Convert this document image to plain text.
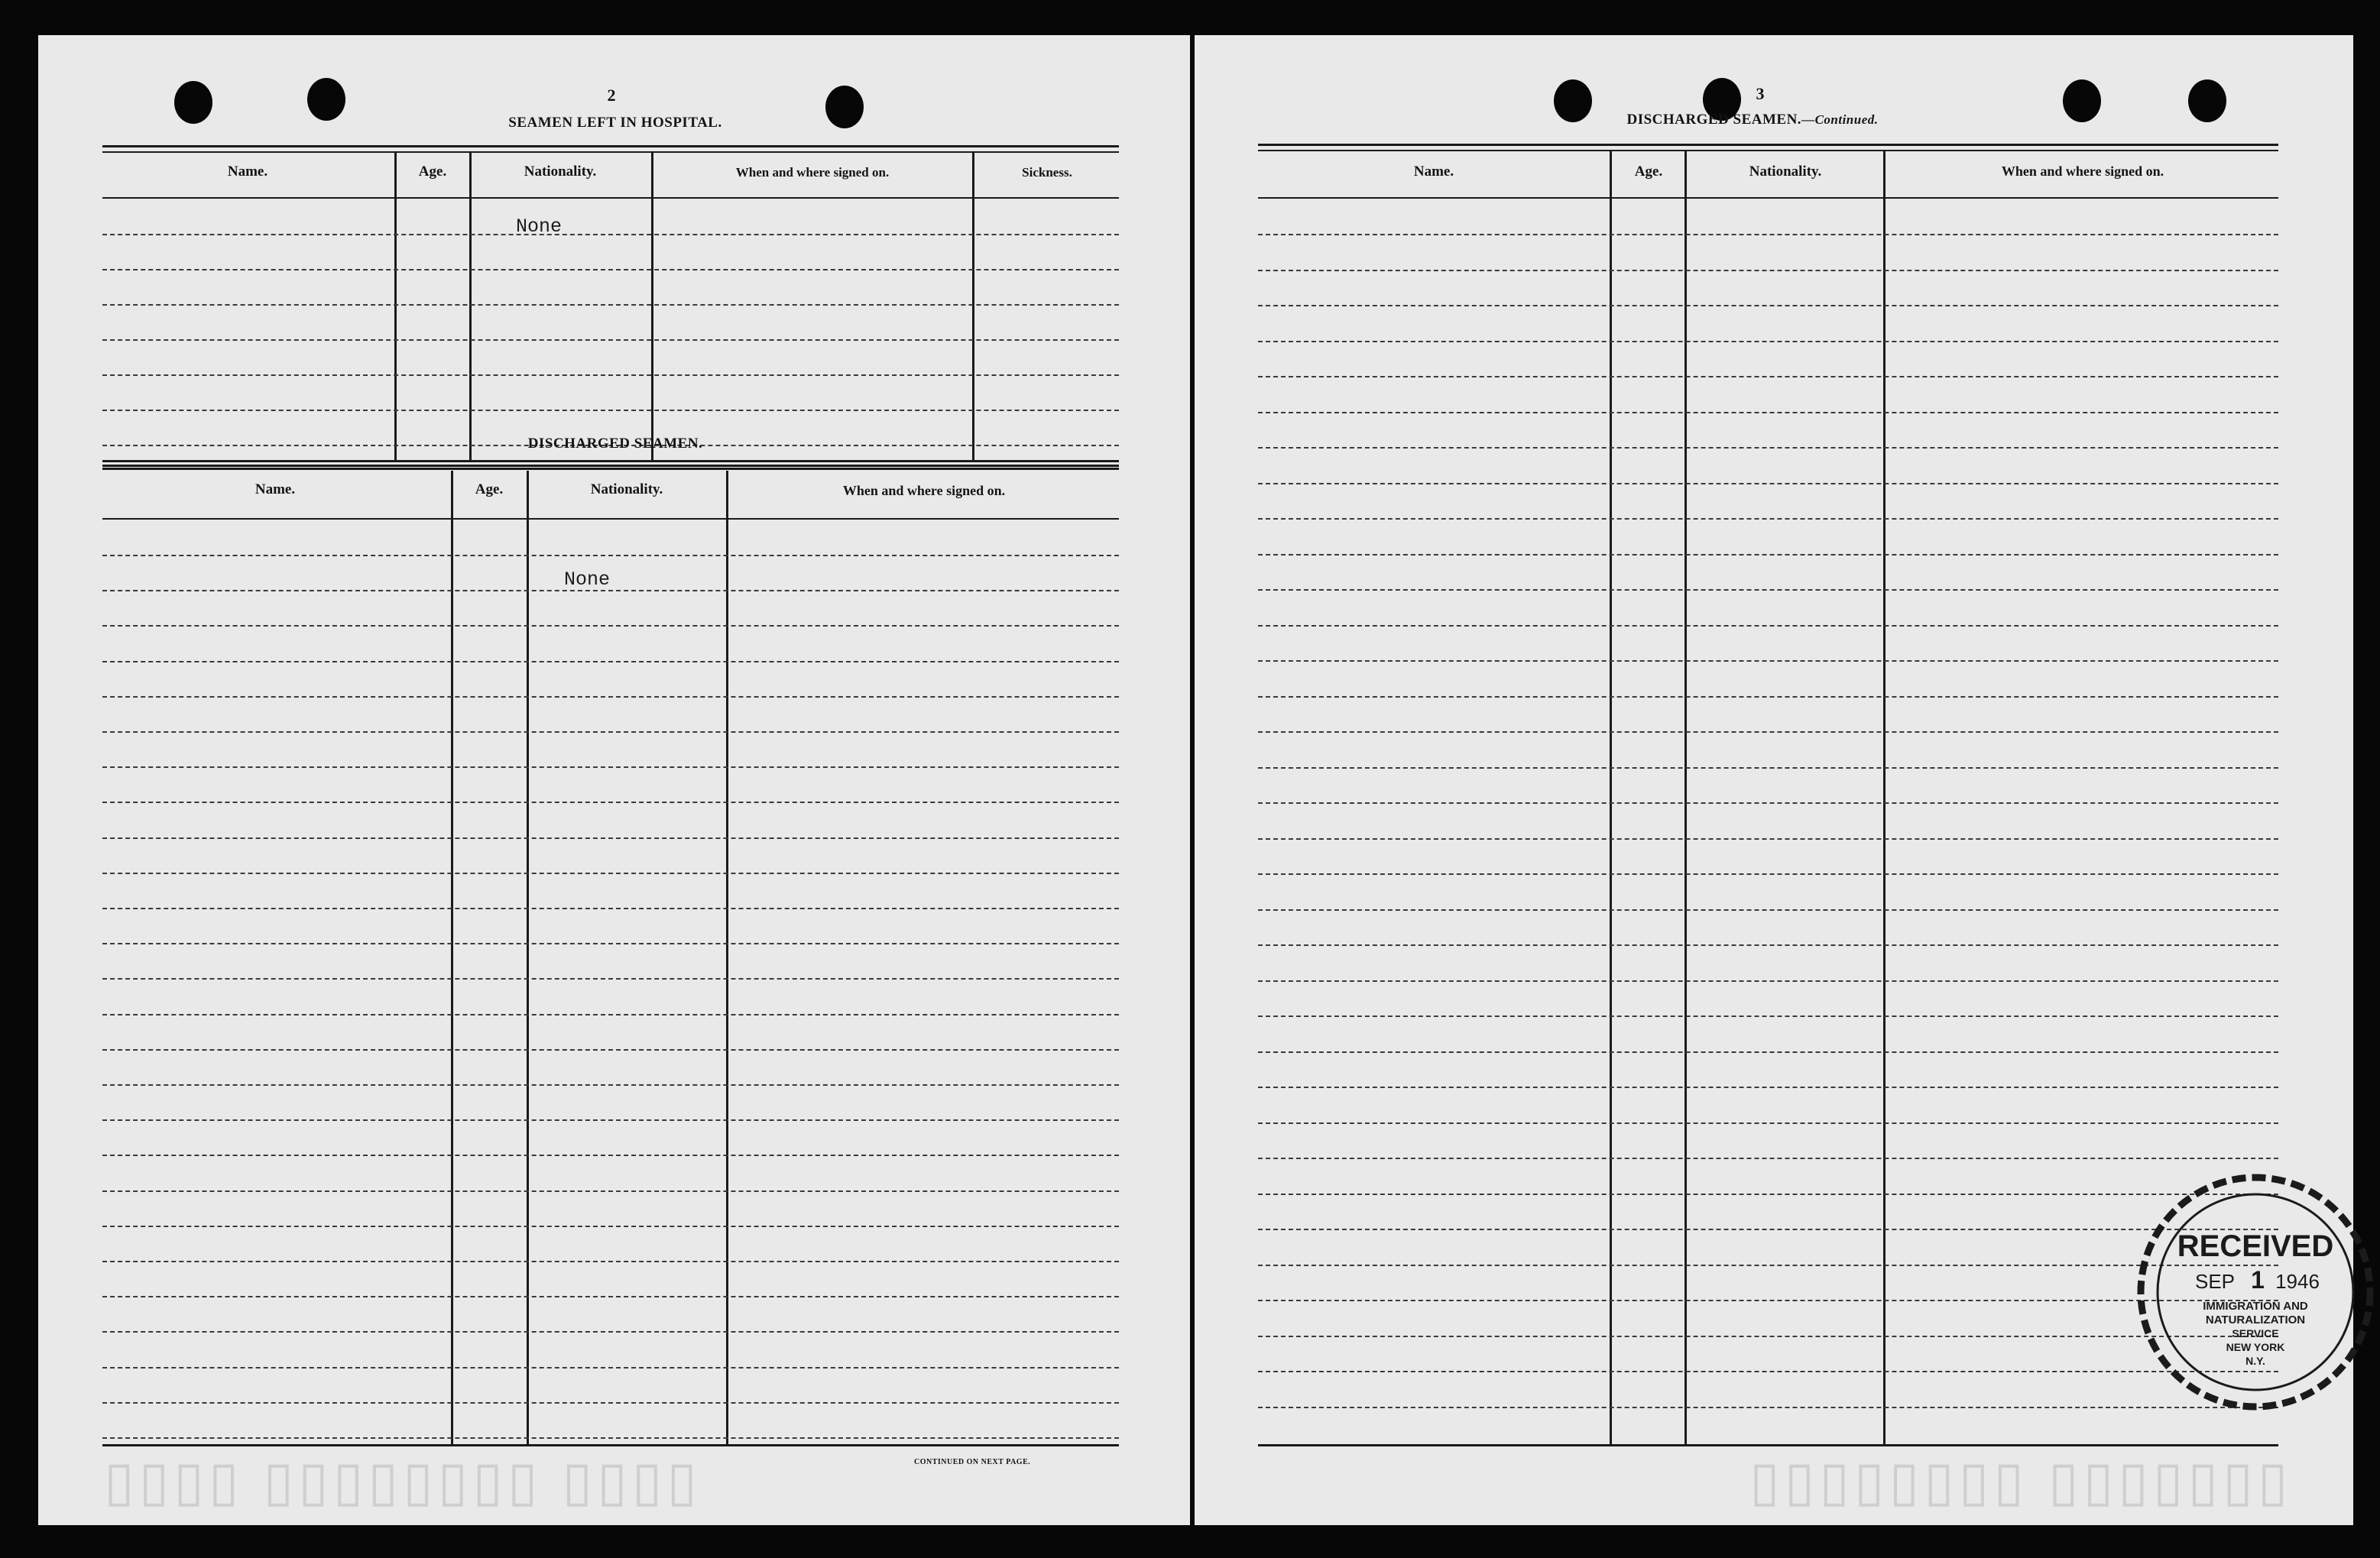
2
SEAMEN LEFT IN HOSPITAL.
Name.	Age.	Nationality.	When and where signed on.	Sickness.
None
DISCHARGED SEAMEN.
Name.	Age.	Nationality.	When and where signed on.
None
CONTINUED ON NEXT PAGE.
▯▯▯▯ ▯▯▯▯▯▯▯▯ ▯▯▯▯
3
DISCHARGED SEAMEN.—Continued.
Name.	Age.	Nationality.	When and where signed on.
▯▯▯▯▯▯▯ ▯▯▯▯▯▯▯▯
RECEIVED
SEP 1 1946
IMMIGRATION AND
NATURALIZATION
SERVICE
NEW YORK
N.Y.
